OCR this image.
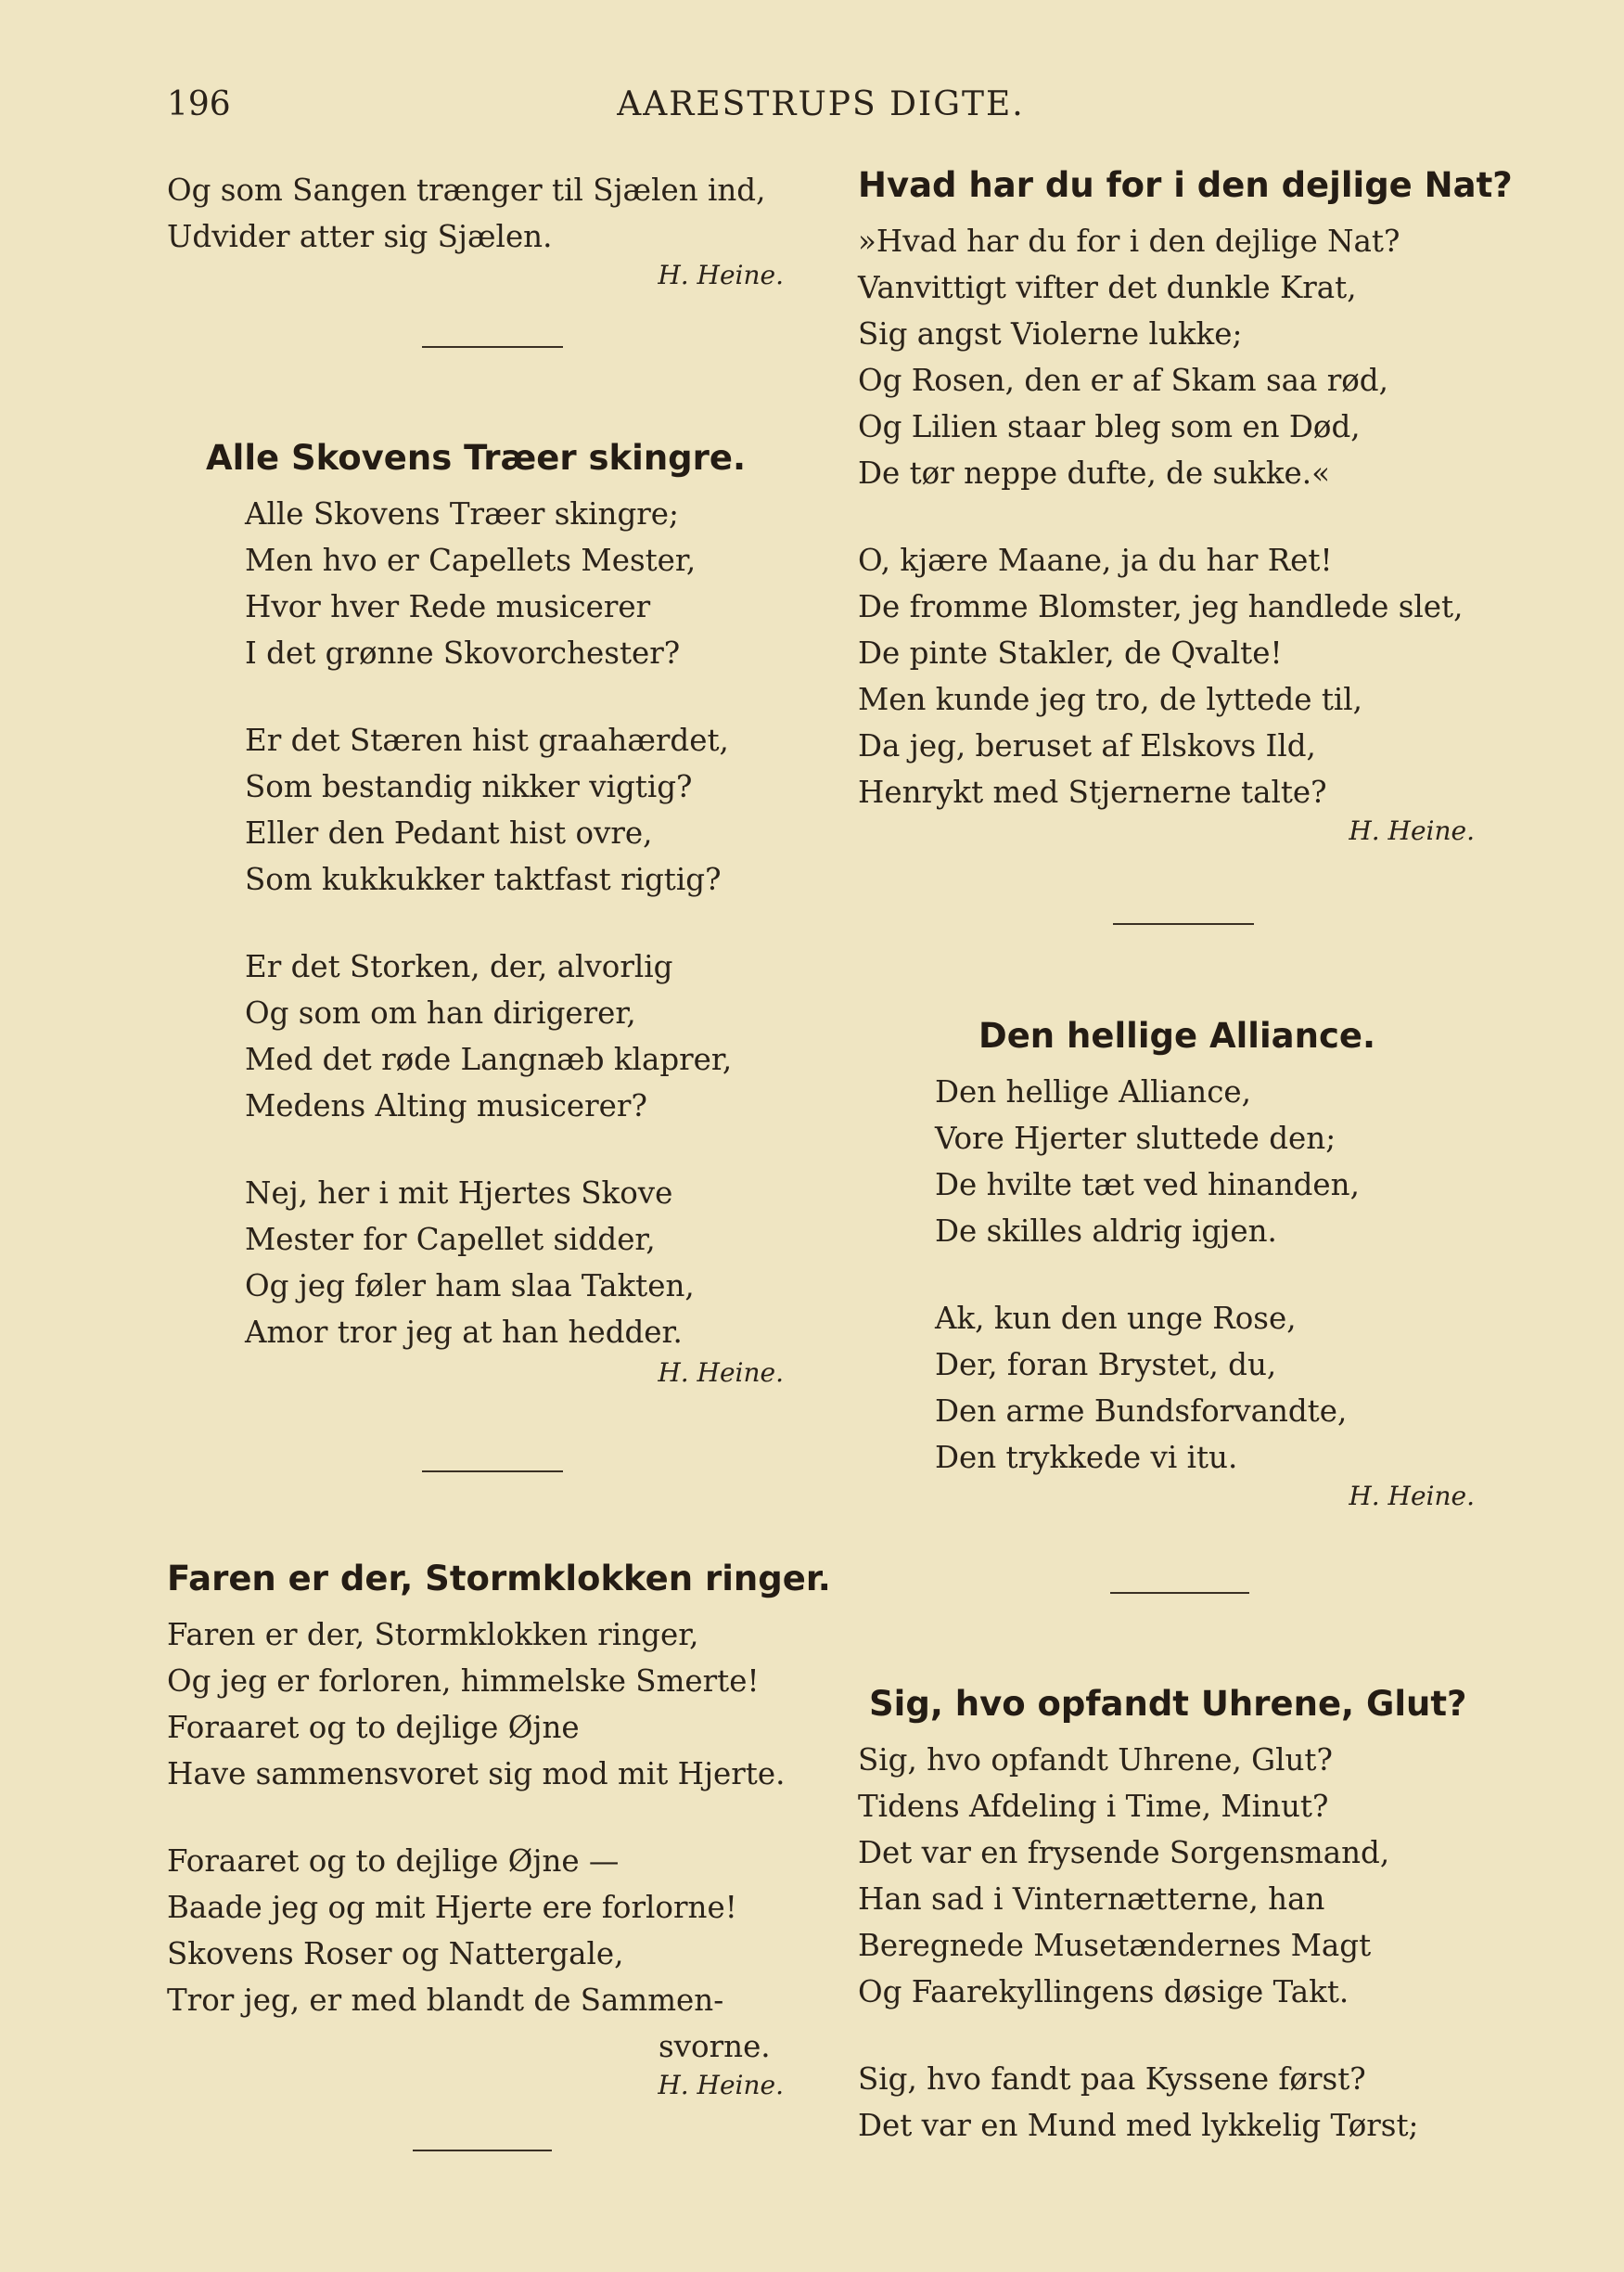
196	AARESTRUPS DIGTE.
Og som Sangen trænger til Sjælen ind,
Udvider atter sig Sjælen.
H. Heine.
Alle Skovens Træer skingre.
Alle Skovens Træer skingre;
Men hvo er Capellets Mester,
Hvor hver Rede musicerer
I det grønne Skovorchester?
Er det Stæren hist graahærdet,
Som bestandig nikker vigtig?
Eller den Pedant hist ovre,
Som kukkukker taktfast rigtig?
Er det Storken, der, alvorlig
Og som om han dirigerer,
Med det røde Langnæb klaprer,
Medens Alting musicerer?
Nej, her i mit Hjertes Skove
Mester for Capellet sidder,
Og jeg føler ham slaa Takten,
Amor tror jeg at han hedder.
H. Heine.
Faren er der, Stormklokken ringer.
Faren er der, Stormklokken ringer,
Og jeg er forloren, himmelske Smerte!
Foraaret og to dejlige Øjne
Have sammensvoret sig mod mit Hjerte.
Foraaret og to dejlige Øjne —
Baade jeg og mit Hjerte ere forlorne!
Skovens Roser og Nattergale,
Tror jeg, er med blandt de Sammen-
svorne.
H. Heine.
Hvad har du for i den dejlige Nat?
»Hvad har du for i den dejlige Nat?
Vanvittigt vifter det dunkle Krat,
Sig angst Violerne lukke;
Og Rosen, den er af Skam saa rød,
Og Lilien staar bleg som en Død,
De tør neppe dufte, de sukke.«
O, kjære Maane, ja du har Ret!
De fromme Blomster, jeg handlede slet,
De pinte Stakler, de Qvalte!
Men kunde jeg tro, de lyttede til,
Da jeg, beruset af Elskovs Ild,
Henrykt med Stjernerne talte?
H. Heine.
Den hellige Alliance.
Den hellige Alliance,
Vore Hjerter sluttede den;
De hvilte tæt ved hinanden,
De skilles aldrig igjen.
Ak, kun den unge Rose,
Der, foran Brystet, du,
Den arme Bundsforvandte,
Den trykkede vi itu.
H. Heine.
Sig, hvo opfandt Uhrene, Glut?
Sig, hvo opfandt Uhrene, Glut?
Tidens Afdeling i Time, Minut?
Det var en frysende Sorgensmand,
Han sad i Vinternætterne, han
Beregnede Musetændernes Magt
Og Faarekyllingens døsige Takt.
Sig, hvo fandt paa Kyssene først?
Det var en Mund med lykkelig Tørst;
